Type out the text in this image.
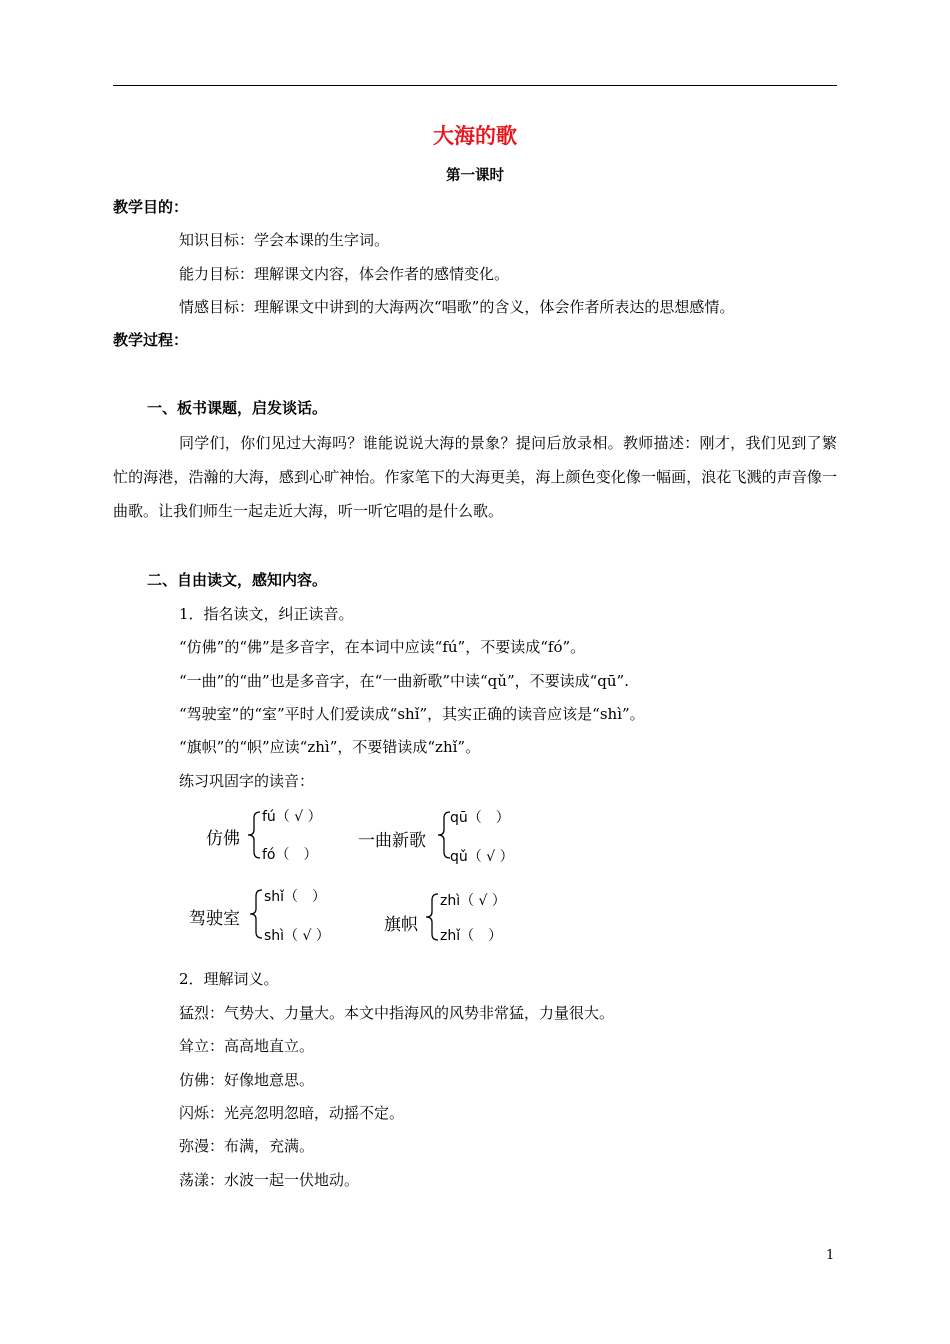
大海的歌
第一课时
教学目的：
知识目标：学会本课的生字词。
能力目标：理解课文内容，体会作者的感情变化。
情感目标：理解课文中讲到的大海两次“唱歌”的含义，体会作者所表达的思想感情。
教学过程：
一、板书课题，启发谈话。
同学们，你们见过大海吗？谁能说说大海的景象？提问后放录相。教师描述：刚才，我们见到了繁忙的海港，浩瀚的大海，感到心旷神怡。作家笔下的大海更美，海上颜色变化像一幅画，浪花飞溅的声音像一曲歌。让我们师生一起走近大海，听一听它唱的是什么歌。
二、自由读文，感知内容。
1．指名读文，纠正读音。
“仿佛”的“佛”是多音字，在本词中应读“fú”，不要读成“fó”。
“一曲”的“曲”也是多音字，在“一曲新歌”中读“qǔ”，不要读成“qū”.
“驾驶室”的“室”平时人们爱读成“shǐ”，其实正确的读音应该是“shì”。
“旗帜”的“帜”应读“zhì”，不要错读成“zhǐ”。
练习巩固字的读音：
仿佛
fú（ √ ）
fó（　）
一曲新歌
qū（　）
qǔ（ √ ）
驾驶室
shǐ（　）
shì（ √ ）
旗帜
zhì（ √ ）
zhǐ（　）
2．理解词义。
猛烈：气势大、力量大。本文中指海风的风势非常猛，力量很大。
耸立：高高地直立。
仿佛：好像地意思。
闪烁：光亮忽明忽暗，动摇不定。
弥漫：布满，充满。
荡漾：水波一起一伏地动。
1
